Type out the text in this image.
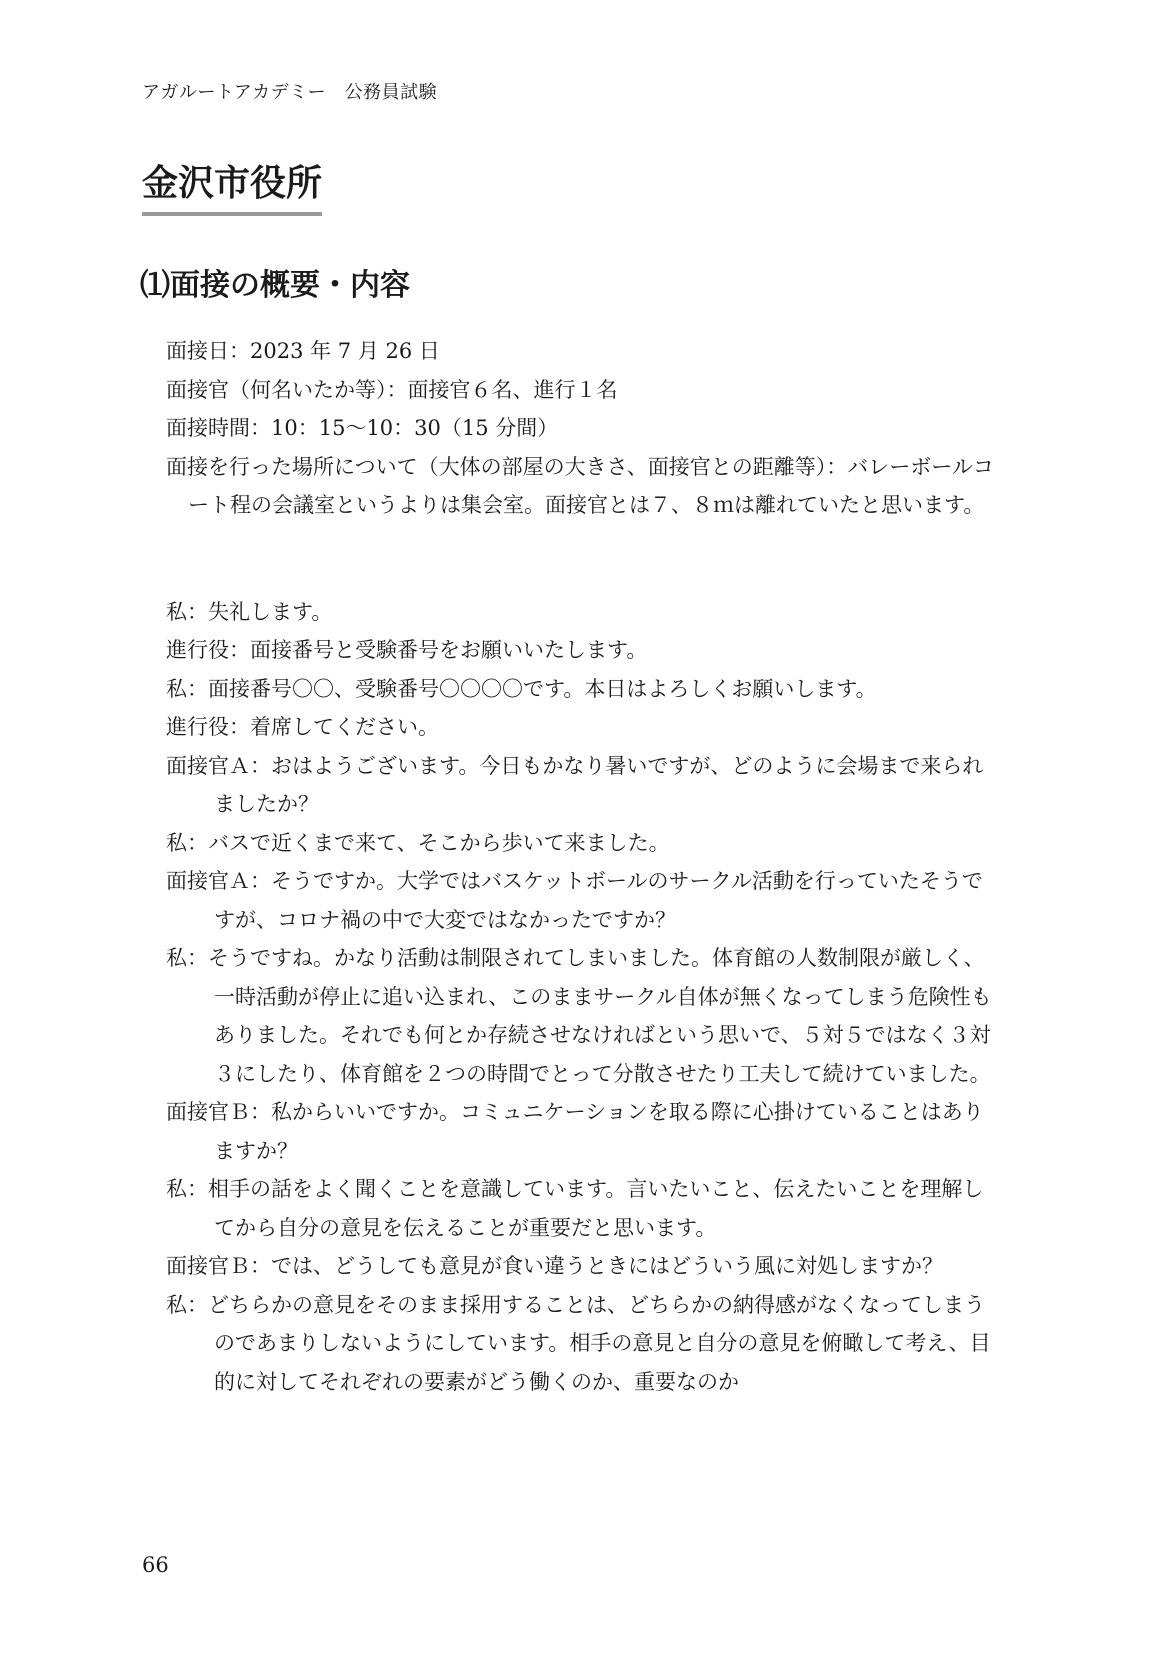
アガルートアカデミー　公務員試験
金沢市役所
⑴面接の概要・内容

面接日：2023 年 7 月 26 日

面接官（何名いたか等）：面接官６名、進行１名

面接時間：10：15〜10：30（15 分間）

面接を行った場所について（大体の部屋の大きさ、面接官との距離等）：バレーボールコート程の会議室というよりは集会室。面接官とは７、８ｍは離れていたと思います。

私：失礼します。

進行役：面接番号と受験番号をお願いいたします。

私：面接番号〇〇、受験番号〇〇〇〇です。本日はよろしくお願いします。

進行役：着席してください。

面接官Ａ：おはようございます。今日もかなり暑いですが、どのように会場まで来られましたか？

私：バスで近くまで来て、そこから歩いて来ました。

面接官Ａ：そうですか。大学ではバスケットボールのサークル活動を行っていたそうですが、コロナ禍の中で大変ではなかったですか？

私：そうですね。かなり活動は制限されてしまいました。体育館の人数制限が厳しく、一時活動が停止に追い込まれ、このままサークル自体が無くなってしまう危険性もありました。それでも何とか存続させなければという思いで、５対５ではなく３対３にしたり、体育館を２つの時間でとって分散させたり工夫して続けていました。

面接官Ｂ：私からいいですか。コミュニケーションを取る際に心掛けていることはありますか？

私：相手の話をよく聞くことを意識しています。言いたいこと、伝えたいことを理解してから自分の意見を伝えることが重要だと思います。

面接官Ｂ：では、どうしても意見が食い違うときにはどういう風に対処しますか？

私：どちらかの意見をそのまま採用することは、どちらかの納得感がなくなってしまうのであまりしないようにしています。相手の意見と自分の意見を俯瞰して考え、目的に対してそれぞれの要素がどう働くのか、重要なのか

66
